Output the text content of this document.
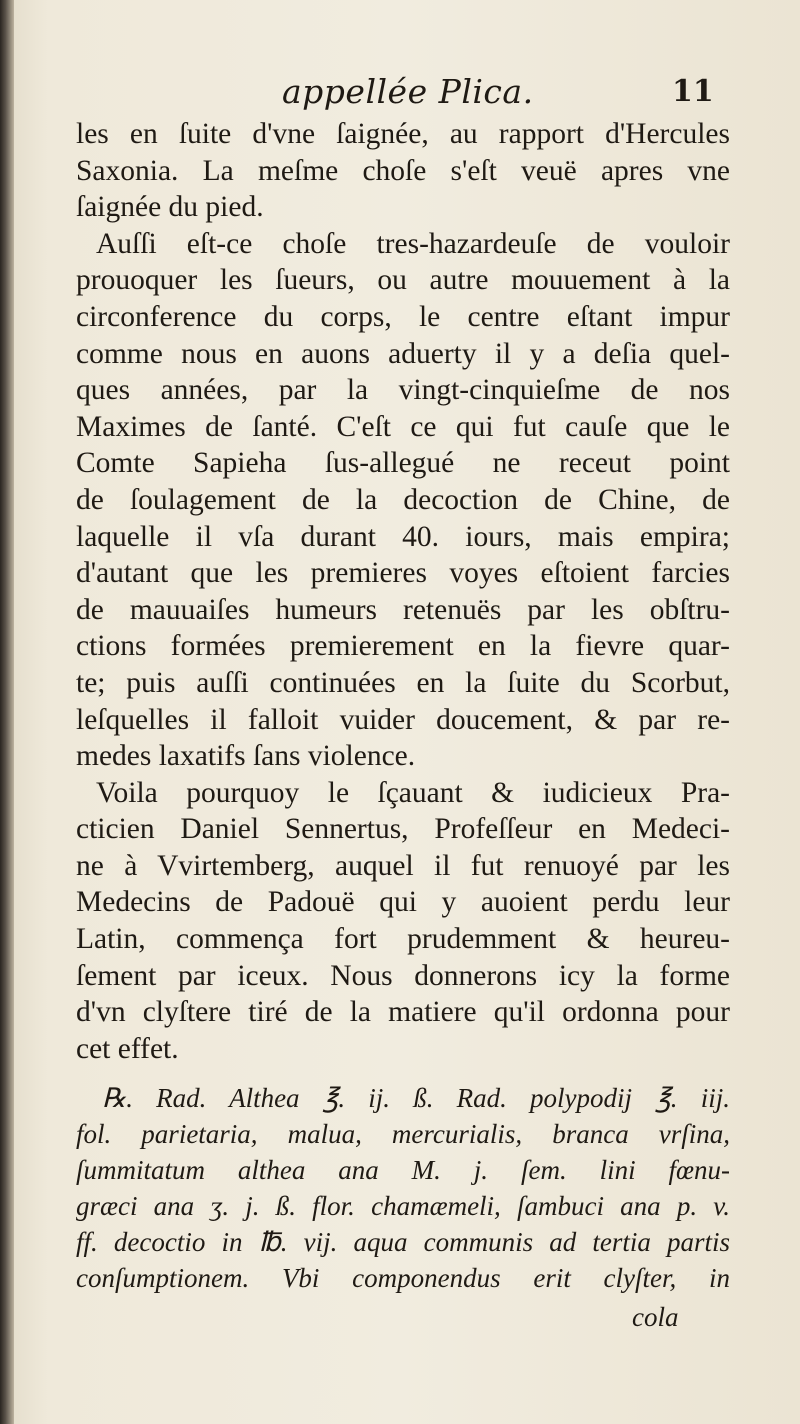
appellée Plica.	11
les en ſuite d'vne ſaignée, au rapport d'Hercules
Saxonia. La meſme choſe s'eſt veuë apres vne
ſaignée du pied.
Auſſi eſt-ce choſe tres-hazardeuſe de vouloir
prouoquer les ſueurs, ou autre mouuement à la
circonference du corps, le centre eſtant impur
comme nous en auons aduerty il y a deſia quel-
ques années, par la vingt-cinquieſme de nos
Maximes de ſanté. C'eſt ce qui fut cauſe que le
Comte Sapieha ſus-allegué ne receut point
de ſoulagement de la decoction de Chine, de
laquelle il vſa durant 40. iours, mais empira;
d'autant que les premieres voyes eſtoient farcies
de mauuaiſes humeurs retenuës par les obſtru-
ctions formées premierement en la fievre quar-
te; puis auſſi continuées en la ſuite du Scorbut,
leſquelles il falloit vuider doucement, & par re-
medes laxatifs ſans violence.
Voila pourquoy le ſçauant & iudicieux Pra-
cticien Daniel Sennertus, Profeſſeur en Medeci-
ne à Vvirtemberg, auquel il fut renuoyé par les
Medecins de Padouë qui y auoient perdu leur
Latin, commença fort prudemment & heureu-
ſement par iceux. Nous donnerons icy la forme
d'vn clyſtere tiré de la matiere qu'il ordonna pour
cet effet.
℞. Rad. Althea ℥. ij. ß. Rad. polypodij ℥. iij.
fol. parietaria, malua, mercurialis, branca vrſina,
ſummitatum althea ana M. j. ſem. lini fœnu-
græci ana ʒ. j. ß. flor. chamæmeli, ſambuci ana p. v.
ff. decoctio in ℔. vij. aqua communis ad tertia partis
conſumptionem. Vbi componendus erit clyſter, in
cola
